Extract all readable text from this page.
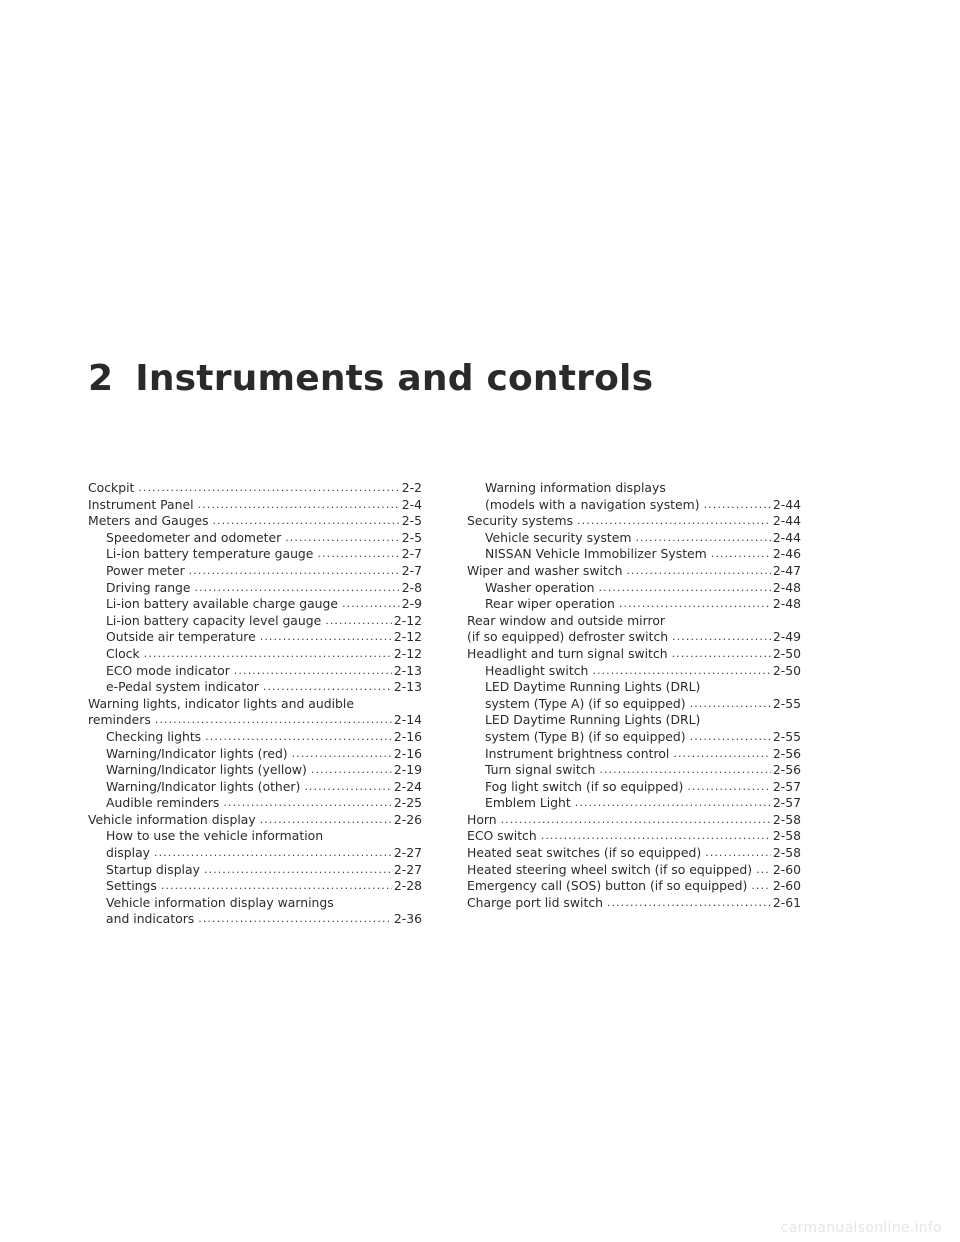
2 Instruments and controls
Cockpit . . .	2-2
Instrument Panel . . .	2-4
Meters and Gauges . . .	2-5
Speedometer and odometer . . .	2-5
Li-ion battery temperature gauge . . .	2-7
Power meter . . .	2-7
Driving range . . .	2-8
Li-ion battery available charge gauge . . .	2-9
Li-ion battery capacity level gauge . . .	2-12
Outside air temperature . . .	2-12
Clock . . .	2-12
ECO mode indicator . . .	2-13
e-Pedal system indicator . . .	2-13
Warning lights, indicator lights and audible
reminders . . .	2-14
Checking lights . . .	2-16
Warning/Indicator lights (red) . . .	2-16
Warning/Indicator lights (yellow) . . .	2-19
Warning/Indicator lights (other) . . .	2-24
Audible reminders . . .	2-25
Vehicle information display . . .	2-26
How to use the vehicle information
display . . .	2-27
Startup display . . .	2-27
Settings . . .	2-28
Vehicle information display warnings
and indicators . . .	2-36
Warning information displays
(models with a navigation system) . . .	2-44
Security systems . . .	2-44
Vehicle security system . . .	2-44
NISSAN Vehicle Immobilizer System . . .	2-46
Wiper and washer switch . . .	2-47
Washer operation . . .	2-48
Rear wiper operation . . .	2-48
Rear window and outside mirror
(if so equipped) defroster switch . . .	2-49
Headlight and turn signal switch . . .	2-50
Headlight switch . . .	2-50
LED Daytime Running Lights (DRL)
system (Type A) (if so equipped) . . .	2-55
LED Daytime Running Lights (DRL)
system (Type B) (if so equipped) . . .	2-55
Instrument brightness control . . .	2-56
Turn signal switch . . .	2-56
Fog light switch (if so equipped) . . .	2-57
Emblem Light . . .	2-57
Horn . . .	2-58
ECO switch . . .	2-58
Heated seat switches (if so equipped) . . .	2-58
Heated steering wheel switch (if so equipped) . . . 2-60
Emergency call (SOS) button (if so equipped) . . . 2-60
Charge port lid switch . . .	2-61
carmanualsonline.info
